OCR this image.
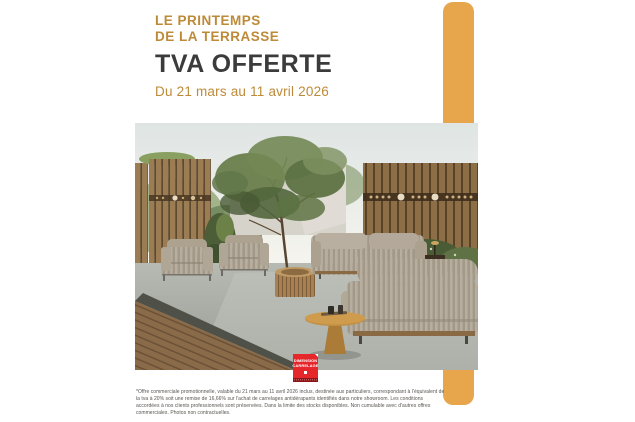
LE PRINTEMPS
DE LA TERRASSE
TVA OFFERTE
Du 21 mars au 11 avril 2026
DIMENSION
CARRELAGE
*Offre commerciale promotionnelle, valable du 21 mars au 11 avril 2026 inclus, destinée aux particuliers, correspondant à l'équivalent de la tva à 20% soit une remise de 16,66% sur l'achat de carrelages antidérapants identifiés dans notre showroom. Les conditions accordées à nos clients professionnels sont préservées. Dans la limite des stocks disponibles. Non cumulable avec d'autres offres commerciales. Photos non contractuelles.
